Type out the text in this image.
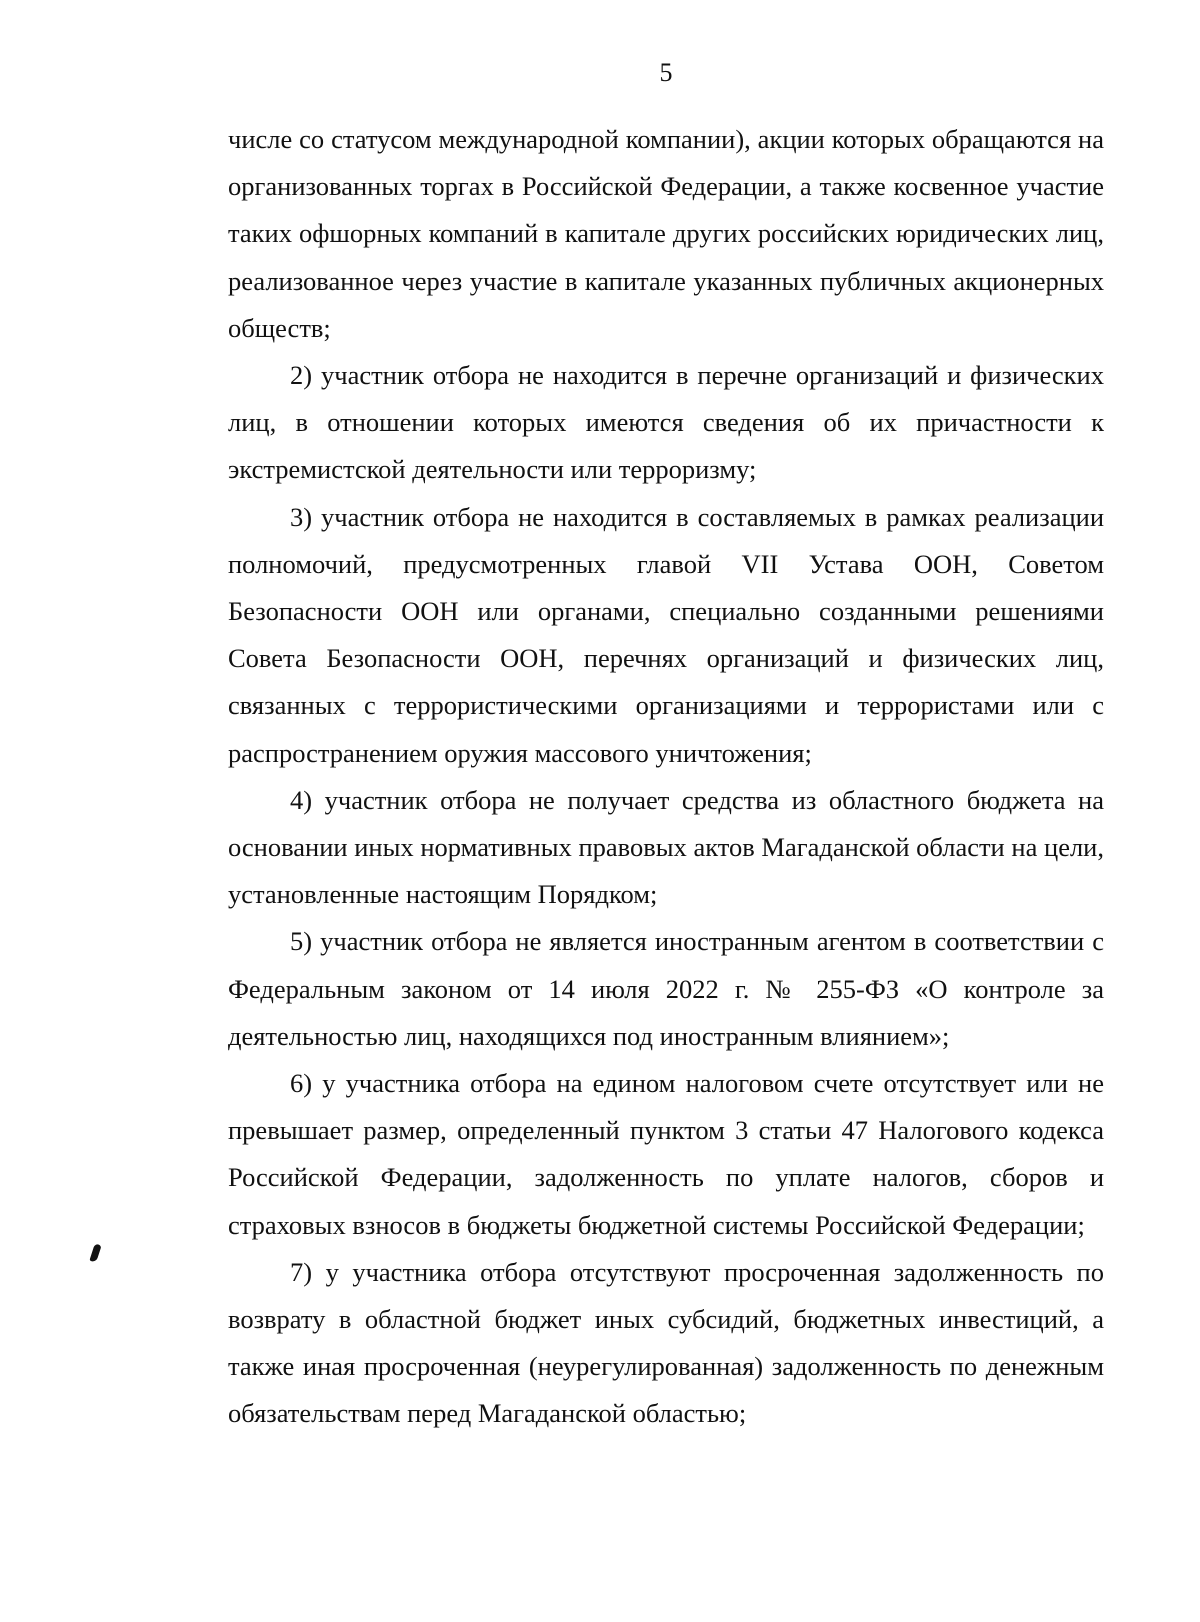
5

числе со статусом международной компании), акции которых обращаются на организованных торгах в Российской Федерации, а также косвенное участие таких офшорных компаний в капитале других российских юридических лиц, реализованное через участие в капитале указанных публичных акционерных обществ;

2) участник отбора не находится в перечне организаций и физических лиц, в отношении которых имеются сведения об их причастности к экстремистской деятельности или терроризму;

3) участник отбора не находится в составляемых в рамках реализации полномочий, предусмотренных главой VII Устава ООН, Советом Безопасности ООН или органами, специально созданными решениями Совета Безопасности ООН, перечнях организаций и физических лиц, связанных с террористическими организациями и террористами или с распространением оружия массового уничтожения;

4) участник отбора не получает средства из областного бюджета на основании иных нормативных правовых актов Магаданской области на цели, установленные настоящим Порядком;

5) участник отбора не является иностранным агентом в соответствии с Федеральным законом от 14 июля 2022 г. № 255-ФЗ «О контроле за деятельностью лиц, находящихся под иностранным влиянием»;

6) у участника отбора на едином налоговом счете отсутствует или не превышает размер, определенный пунктом 3 статьи 47 Налогового кодекса Российской Федерации, задолженность по уплате налогов, сборов и страховых взносов в бюджеты бюджетной системы Российской Федерации;

7) у участника отбора отсутствуют просроченная задолженность по возврату в областной бюджет иных субсидий, бюджетных инвестиций, а также иная просроченная (неурегулированная) задолженность по денежным обязательствам перед Магаданской областью;
